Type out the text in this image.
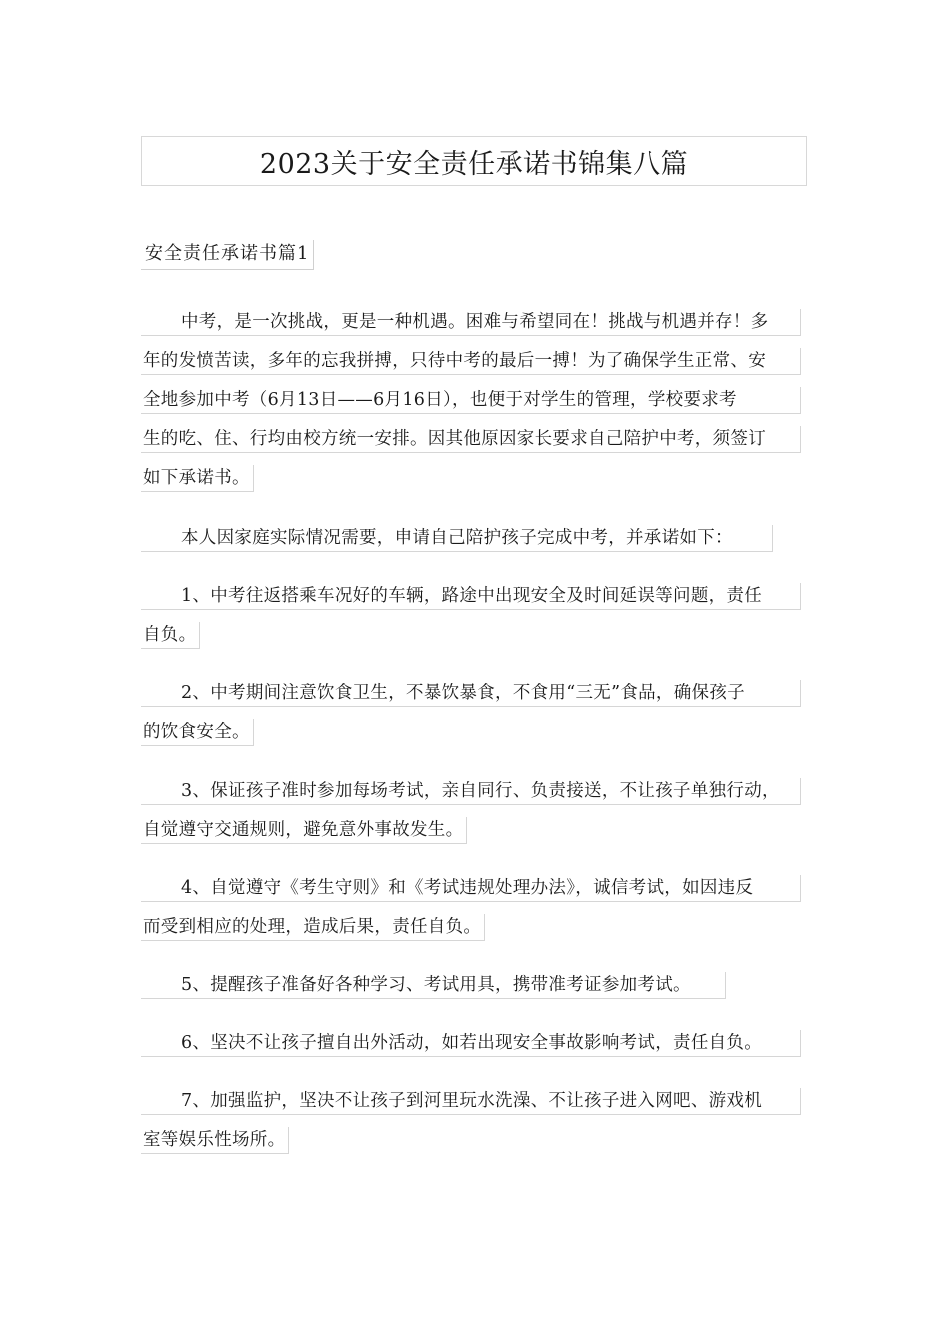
2023关于安全责任承诺书锦集八篇
安全责任承诺书篇1
中考，是一次挑战，更是一种机遇。困难与希望同在！挑战与机遇并存！多
年的发愤苦读，多年的忘我拼搏，只待中考的最后一搏！为了确保学生正常、安
全地参加中考（6月13日——6月16日），也便于对学生的管理，学校要求考
生的吃、住、行均由校方统一安排。因其他原因家长要求自己陪护中考，须签订
如下承诺书。
本人因家庭实际情况需要，申请自己陪护孩子完成中考，并承诺如下：
1、中考往返搭乘车况好的车辆，路途中出现安全及时间延误等问题，责任
自负。
2、中考期间注意饮食卫生，不暴饮暴食，不食用“三无”食品，确保孩子
的饮食安全。
3、保证孩子准时参加每场考试，亲自同行、负责接送，不让孩子单独行动，
自觉遵守交通规则，避免意外事故发生。
4、自觉遵守《考生守则》和《考试违规处理办法》，诚信考试，如因违反
而受到相应的处理，造成后果，责任自负。
5、提醒孩子准备好各种学习、考试用具，携带准考证参加考试。
6、坚决不让孩子擅自出外活动，如若出现安全事故影响考试，责任自负。
7、加强监护，坚决不让孩子到河里玩水洗澡、不让孩子进入网吧、游戏机
室等娱乐性场所。
